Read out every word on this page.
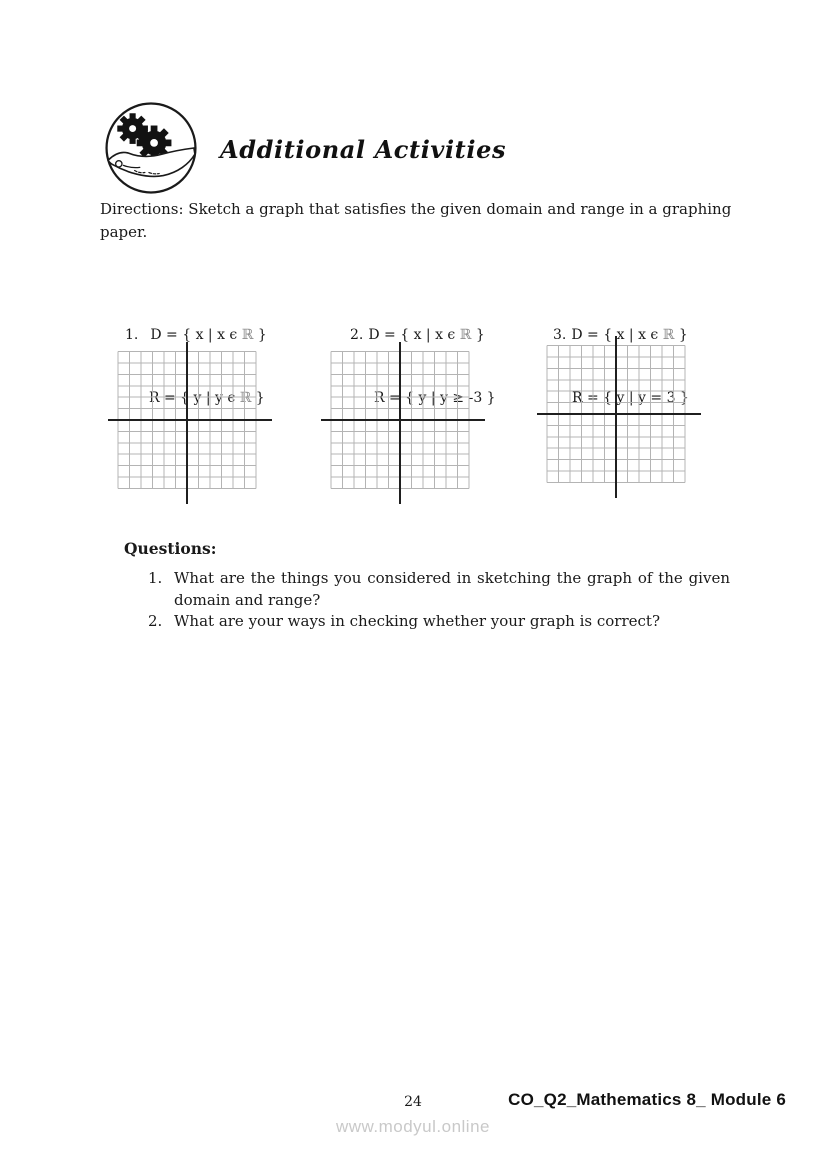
Additional Activities

Directions: Sketch a graph that satisfies the given domain and range in a graphing paper.

1. D = { x | x ϵ ℝ }

R = { y | y ϵ ℝ }

2. D = { x | x ϵ ℝ }

R = { y | y ≥ -3 }

3. D = { x | x ϵ ℝ }

R = { y | y = 3 }

Questions:
1. What are the things you considered in sketching the graph of the given domain and range?
2. What are your ways in checking whether your graph is correct?
24
www.modyul.online
CO_Q2_Mathematics 8_ Module 6
